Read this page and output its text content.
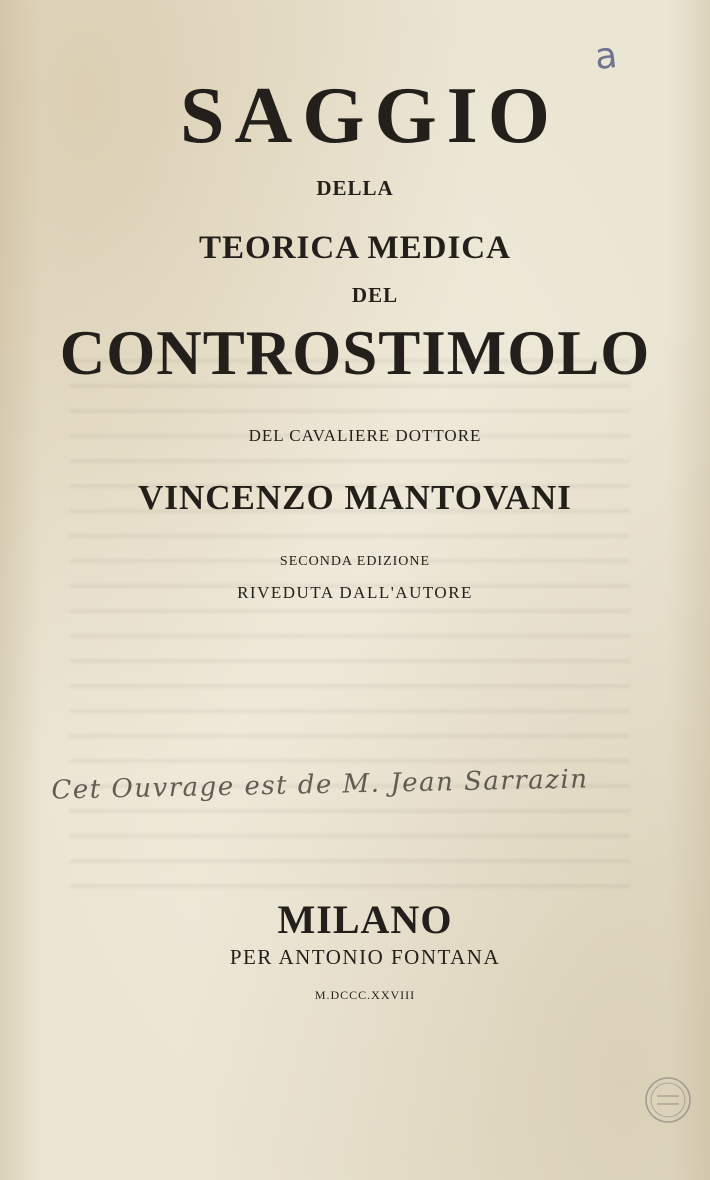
a

SAGGIO

DELLA

TEORICA MEDICA

DEL

CONTROSTIMOLO

DEL CAVALIERE DOTTORE

VINCENZO MANTOVANI

SECONDA EDIZIONE

RIVEDUTA DALL'AUTORE

Cet Ouvrage est de M. Jean Sarrazin

MILANO

PER ANTONIO FONTANA

M.DCCC.XXVIII
